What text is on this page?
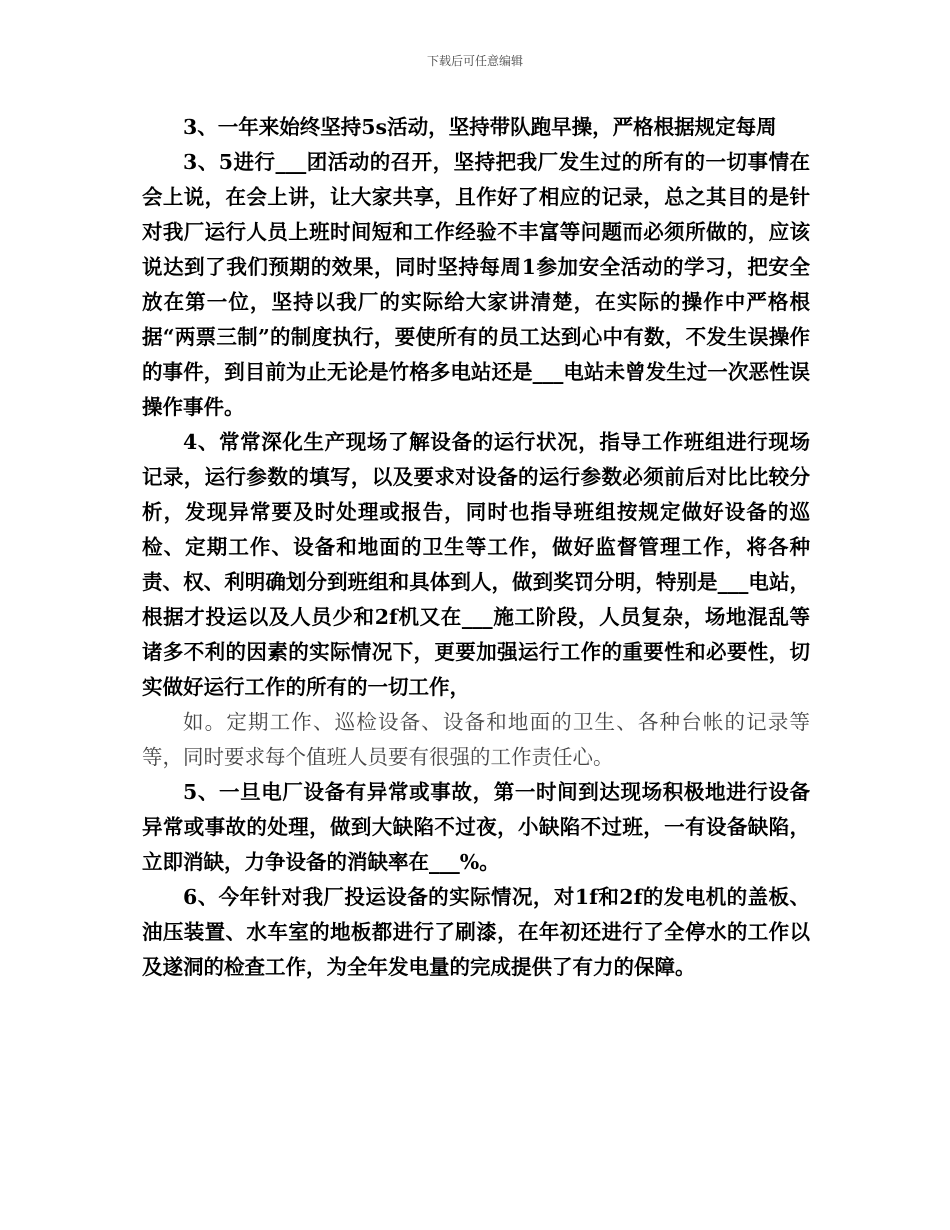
下载后可任意编辑

3、一年来始终坚持5s活动，坚持带队跑早操，严格根据规定每周

3、5进行___团活动的召开，坚持把我厂发生过的所有的一切事情在会上说，在会上讲，让大家共享，且作好了相应的记录，总之其目的是针对我厂运行人员上班时间短和工作经验不丰富等问题而必须所做的，应该说达到了我们预期的效果，同时坚持每周1参加安全活动的学习，把安全放在第一位，坚持以我厂的实际给大家讲清楚，在实际的操作中严格根据“两票三制”的制度执行，要使所有的员工达到心中有数，不发生误操作的事件，到目前为止无论是竹格多电站还是___电站未曾发生过一次恶性误操作事件。

4、常常深化生产现场了解设备的运行状况，指导工作班组进行现场记录，运行参数的填写，以及要求对设备的运行参数必须前后对比比较分析，发现异常要及时处理或报告，同时也指导班组按规定做好设备的巡检、定期工作、设备和地面的卫生等工作，做好监督管理工作，将各种责、权、利明确划分到班组和具体到人，做到奖罚分明，特别是___电站，根据才投运以及人员少和2f机又在___施工阶段，人员复杂，场地混乱等诸多不利的因素的实际情况下，更要加强运行工作的重要性和必要性，切实做好运行工作的所有的一切工作，

如。定期工作、巡检设备、设备和地面的卫生、各种台帐的记录等等，同时要求每个值班人员要有很强的工作责任心。

5、一旦电厂设备有异常或事故，第一时间到达现场积极地进行设备异常或事故的处理，做到大缺陷不过夜，小缺陷不过班，一有设备缺陷，立即消缺，力争设备的消缺率在___%。

6、今年针对我厂投运设备的实际情况，对1f和2f的发电机的盖板、油压装置、水车室的地板都进行了刷漆，在年初还进行了全停水的工作以及遂洞的检查工作，为全年发电量的完成提供了有力的保障。
